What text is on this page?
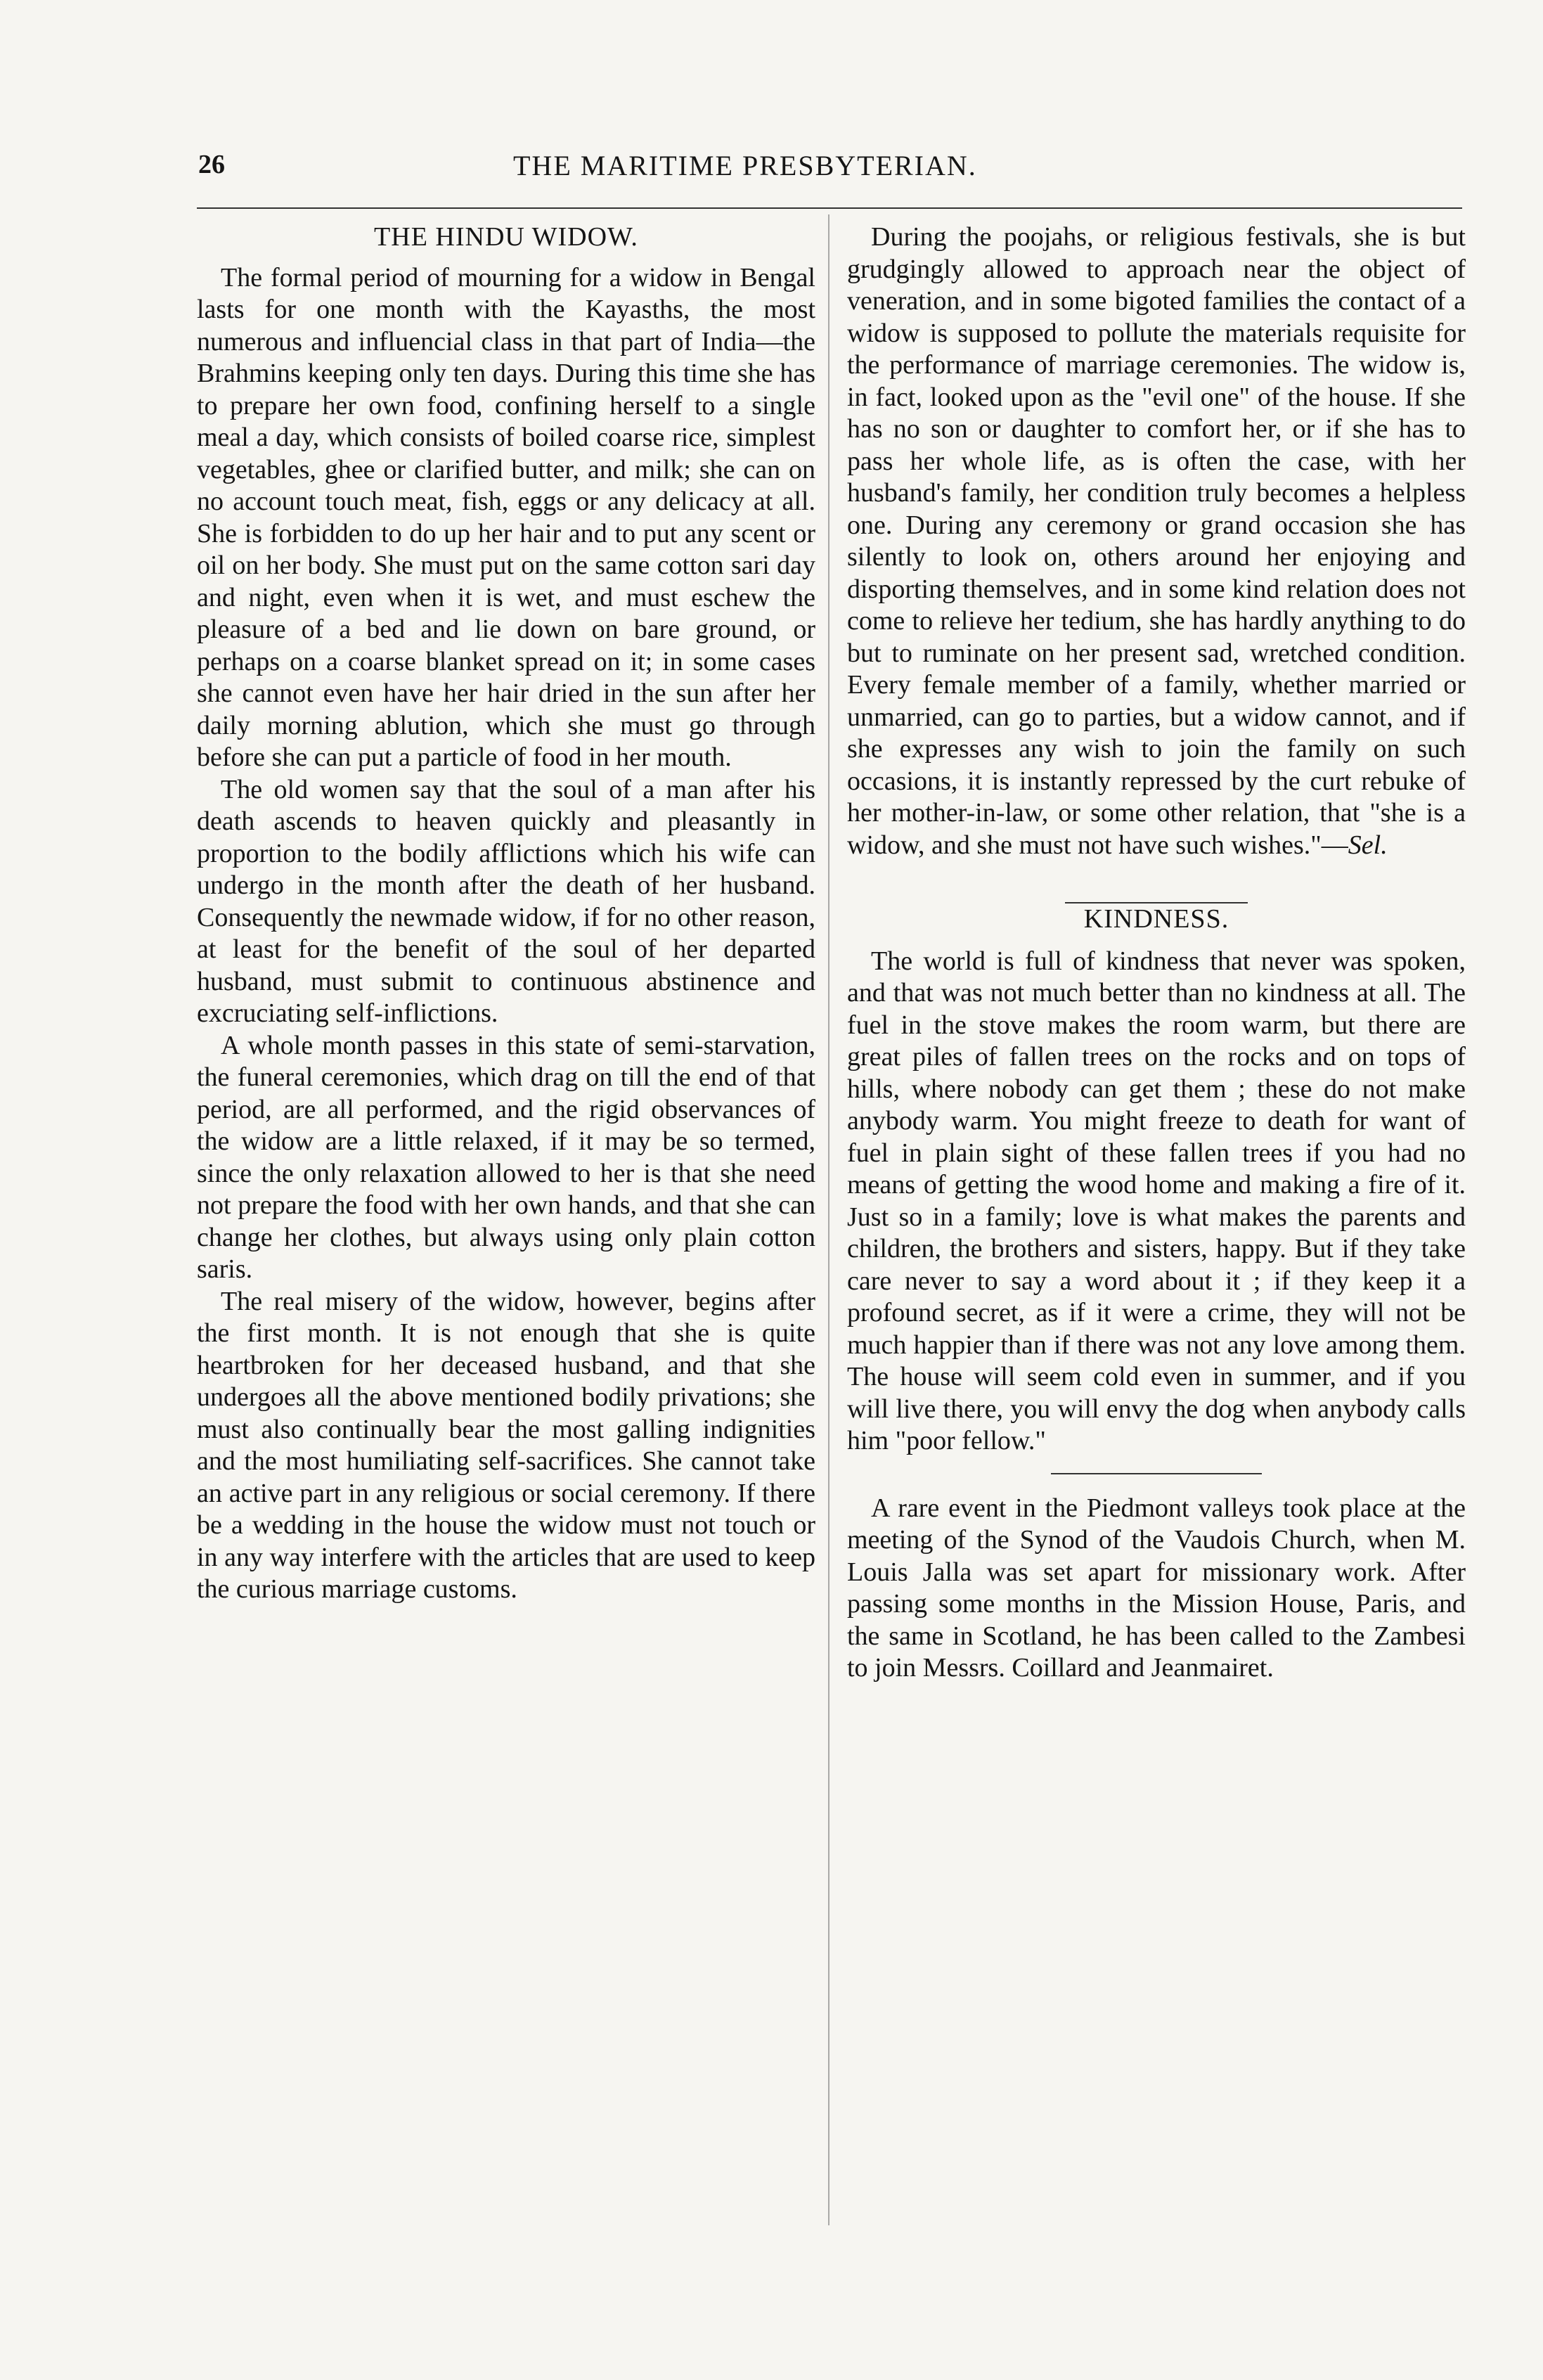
26	THE MARITIME PRESBYTERIAN.
THE HINDU WIDOW.

The formal period of mourning for a widow in Bengal lasts for one month with the Kayasths, the most numerous and influencial class in that part of India—the Brahmins keeping only ten days. During this time she has to prepare her own food, confining herself to a single meal a day, which consists of boiled coarse rice, simplest vegetables, ghee or clarified butter, and milk; she can on no account touch meat, fish, eggs or any delicacy at all. She is forbidden to do up her hair and to put any scent or oil on her body. She must put on the same cotton sari day and night, even when it is wet, and must eschew the pleasure of a bed and lie down on bare ground, or perhaps on a coarse blanket spread on it; in some cases she cannot even have her hair dried in the sun after her daily morning ablution, which she must go through before she can put a particle of food in her mouth.

The old women say that the soul of a man after his death ascends to heaven quickly and pleasantly in proportion to the bodily afflictions which his wife can undergo in the month after the death of her husband. Consequently the newmade widow, if for no other reason, at least for the benefit of the soul of her departed husband, must submit to continuous abstinence and excruciating self-inflictions.

A whole month passes in this state of semi-starvation, the funeral ceremonies, which drag on till the end of that period, are all performed, and the rigid observances of the widow are a little relaxed, if it may be so termed, since the only relaxation allowed to her is that she need not prepare the food with her own hands, and that she can change her clothes, but always using only plain cotton saris.

The real misery of the widow, however, begins after the first month. It is not enough that she is quite heartbroken for her deceased husband, and that she undergoes all the above mentioned bodily privations; she must also continually bear the most galling indignities and the most humiliating self-sacrifices. She cannot take an active part in any religious or social ceremony. If there be a wedding in the house the widow must not touch or in any way interfere with the articles that are used to keep the curious marriage customs.

During the poojahs, or religious festivals, she is but grudgingly allowed to approach near the object of veneration, and in some bigoted families the contact of a widow is supposed to pollute the materials requisite for the performance of marriage ceremonies. The widow is, in fact, looked upon as the "evil one" of the house. If she has no son or daughter to comfort her, or if she has to pass her whole life, as is often the case, with her husband's family, her condition truly becomes a helpless one. During any ceremony or grand occasion she has silently to look on, others around her enjoying and disporting themselves, and in some kind relation does not come to relieve her tedium, she has hardly anything to do but to ruminate on her present sad, wretched condition. Every female member of a family, whether married or unmarried, can go to parties, but a widow cannot, and if she expresses any wish to join the family on such occasions, it is instantly repressed by the curt rebuke of her mother-in-law, or some other relation, that "she is a widow, and she must not have such wishes."—Sel.

KINDNESS.

The world is full of kindness that never was spoken, and that was not much better than no kindness at all. The fuel in the stove makes the room warm, but there are great piles of fallen trees on the rocks and on tops of hills, where nobody can get them ; these do not make anybody warm. You might freeze to death for want of fuel in plain sight of these fallen trees if you had no means of getting the wood home and making a fire of it. Just so in a family; love is what makes the parents and children, the brothers and sisters, happy. But if they take care never to say a word about it ; if they keep it a profound secret, as if it were a crime, they will not be much happier than if there was not any love among them. The house will seem cold even in summer, and if you will live there, you will envy the dog when anybody calls him "poor fellow."

A rare event in the Piedmont valleys took place at the meeting of the Synod of the Vaudois Church, when M. Louis Jalla was set apart for missionary work. After passing some months in the Mission House, Paris, and the same in Scotland, he has been called to the Zambesi to join Messrs. Coillard and Jeanmairet.
